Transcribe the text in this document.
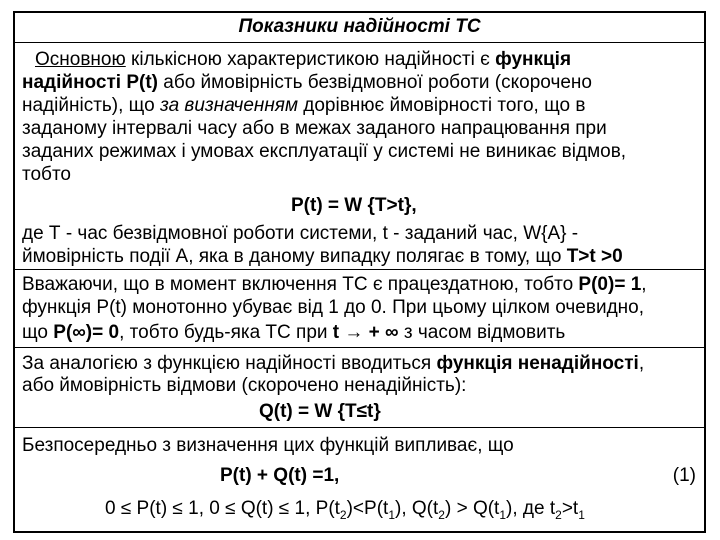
Показники надійності ТС
Основною кількісною характеристикою надійності є функція
надійності P(t) або ймовірність безвідмовної роботи (скорочено
надійність), що за визначенням дорівнює ймовірності того, що в
заданому інтервалі часу або в межах заданого напрацювання при
заданих режимах і умовах експлуатації у системі не виникає відмов,
тобто
P(t) = W {T>t},
де Т - час безвідмовної роботи системи, t - заданий час, W{A} -
ймовірність події А, яка в даному випадку полягає в тому, що T>t >0
Вважаючи, що в момент включення ТС є працездатною, тобто P(0)= 1,
функція P(t) монотонно убуває від 1 до 0. При цьому цілком очевидно,
що P(∞)= 0, тобто будь-яка ТС при t → + ∞ з часом відмовить
За аналогією з функцією надійності вводиться функція ненадійності,
або ймовірність відмови (скорочено ненадійність):
Q(t) = W {T≤t}
Безпосередньо з визначення цих функцій випливає, що
P(t) + Q(t) =1,	(1)
0 ≤ P(t) ≤ 1, 0 ≤ Q(t) ≤ 1, $P(t_2)<P(t_1)$, $Q(t_2) > Q(t_1)$, де $t_2>t_1$
